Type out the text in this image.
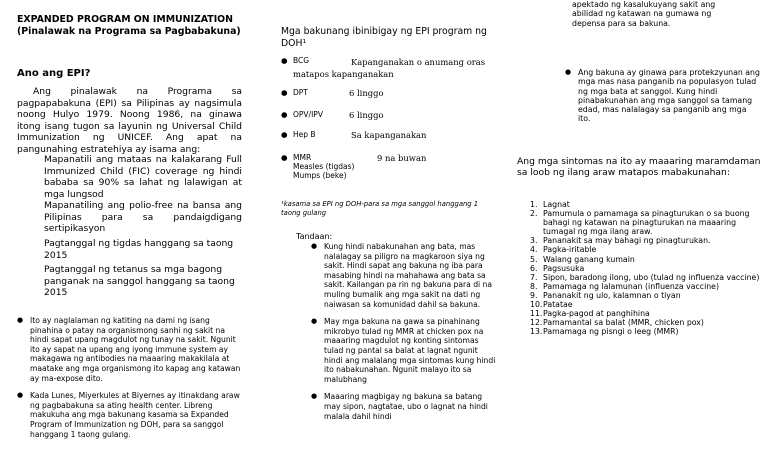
EXPANDED PROGRAM ON IMMUNIZATION
(Pinalawak na Programa sa Pagbabakuna)
Ano ang EPI?
Ang pinalawak na Programa sa pagpapabakuna (EPI) sa Pilipinas ay nagsimula noong Hulyo 1979. Noong 1986, na ginawa itong isang tugon sa layunin ng Universal Child Immunization ng UNICEF. Ang apat na pangunahing estratehiya ay isama ang:
Mapanatili ang mataas na kalakarang Full Immunized Child (FIC) coverage ng hindi bababa sa 90% sa lahat ng lalawigan at mga lungsod
Mapanatiling ang polio-free na bansa ang Pilipinas para sa pandaigdigang sertipikasyon
Pagtanggal ng tigdas hanggang sa taong 2015
Pagtanggal ng tetanus sa mga bagong panganak na sanggol hanggang sa taong 2015
● Ito ay naglalaman ng katiting na dami ng isang pinahina o patay na organismong sanhi ng sakit na hindi sapat upang magdulot ng tunay na sakit. Ngunit ito ay sapat na upang ang iyong immune system ay makagawa ng antibodies na maaaring makakilala at maatake ang mga organismong ito kapag ang katawan ay ma-expose dito.
● Kada Lunes, Miyerkules at Biyernes ay itinakdang araw ng pagbabakuna sa ating health center. Libreng makukuha ang mga bakunang kasama sa Expanded Program of Immunization ng DOH, para sa sanggol hanggang 1 taong gulang.
Mga bakunang ibinibigay ng EPI program ng DOH¹
● BCG
	Kapanganakan o anumang oras matapos kapanganakan
● DPT	6 linggo
● OPV/IPV	6 linggo
● Hep B	Sa kapanganakan
● MMR	9 na buwan
Measles (tigdas)
Mumps (beke)
¹kasama sa EPI ng DOH-para sa mga sanggol hanggang 1 taong gulang
Tandaan:
● Kung hindi nabakunahan ang bata, mas nalalagay sa piligro na magkaroon siya ng sakit. Hindi sapat ang bakuna ng iba para masabing hindi na mahahawa ang bata sa sakit. Kailangan pa rin ng bakuna para di na muling bumalik ang mga sakit na dati ng naiwasan sa komunidad dahil sa bakuna.
● May mga bakuna na gawa sa pinahinang mikrobyo tulad ng MMR at chicken pox na maaaring magdulot ng konting sintomas tulad ng pantal sa balat at lagnat ngunit hindi ang malalang mga sintomas kung hindi ito nabakunahan. Ngunit malayo ito sa malubhang
● Maaaring magbigay ng bakuna sa batang may sipon, nagtatae, ubo o lagnat na hindi malala dahil hindi
apektado ng kasalukuyang sakit ang
abilidad ng katawan na gumawa ng
depensa para sa bakuna.
● Ang bakuna ay ginawa para protekzyunan ang mga mas nasa panganib na populasyon tulad ng mga bata at sanggol. Kung hindi pinabakunahan ang mga sanggol sa tamang edad, mas nalalagay sa panganib ang mga ito.
Ang mga sintomas na ito ay maaaring maramdaman sa loob ng ilang araw matapos mabakunahan:
1. Lagnat
2. Pamumula o pamamaga sa pinagturukan o sa buong bahagi ng katawan na pinagturukan na maaaring tumagal ng mga ilang araw.
3. Pananakit sa may bahagi ng pinagturukan.
4. Pagka-iritable
5. Walang ganang kumain
6. Pagsusuka
7. Sipon, baradong ilong, ubo (tulad ng influenza vaccine)
8. Pamamaga ng lalamunan (influenza vaccine)
9. Pananakit ng ulo, kalamnan o tiyan
10. Patatae
11. Pagka-pagod at panghihina
12. Pamamantal sa balat (MMR, chicken pox)
13. Pamamaga ng pisngi o leeg (MMR)
